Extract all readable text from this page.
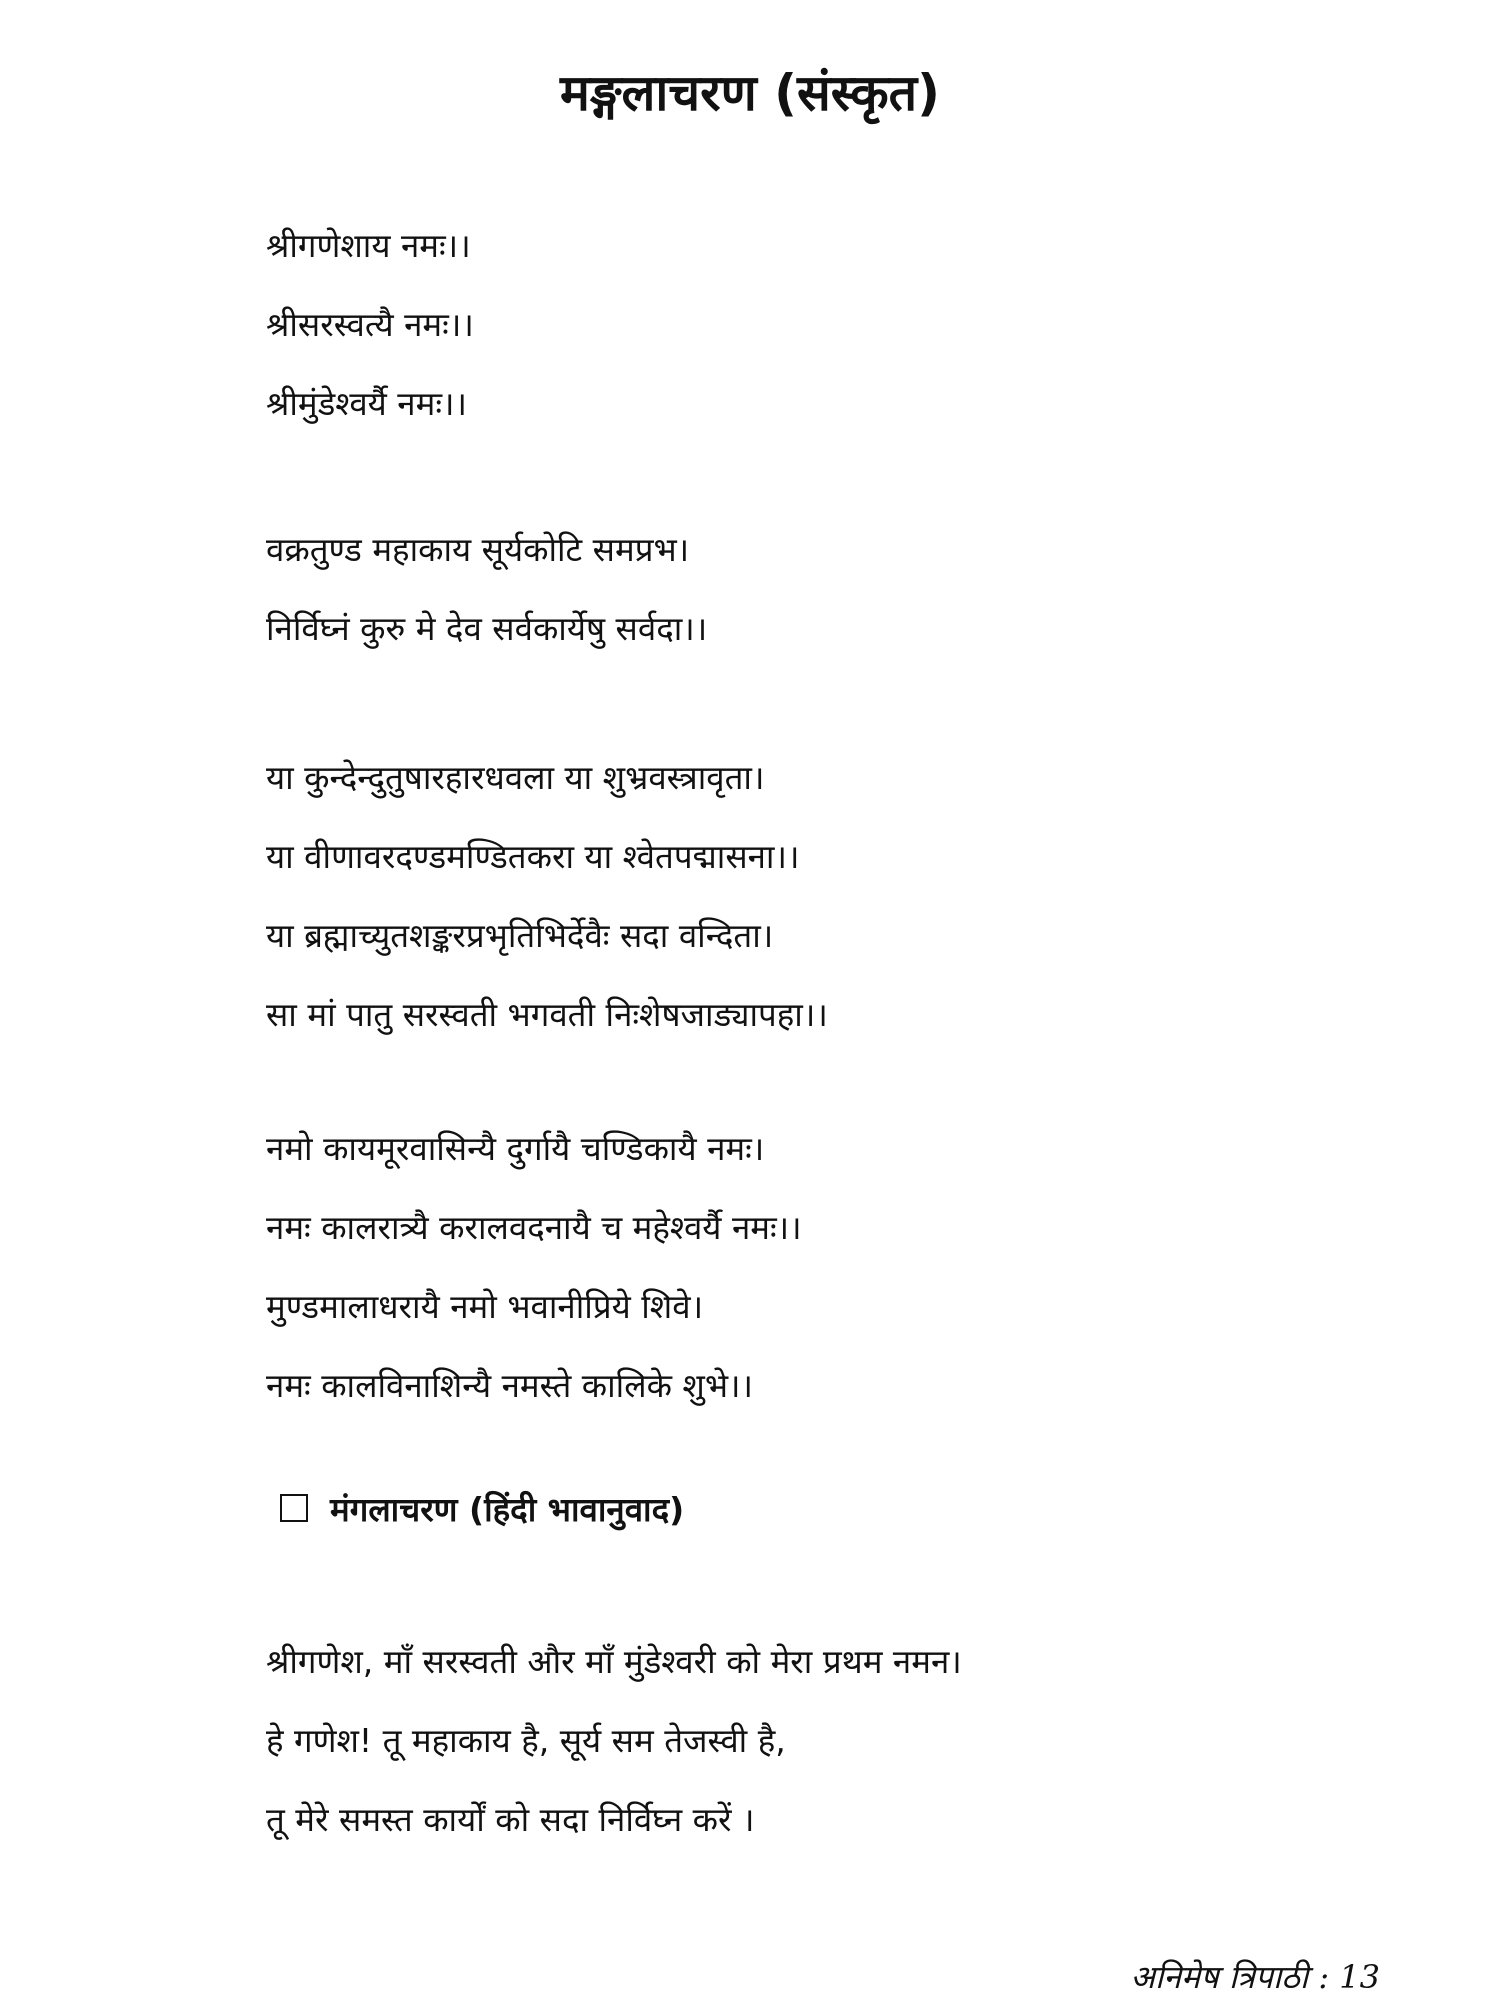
मङ्गलाचरण (संस्कृत)
श्रीगणेशाय नमः।।
श्रीसरस्वत्यै नमः।।
श्रीमुंडेश्वर्यै नमः।।
वक्रतुण्ड महाकाय सूर्यकोटि समप्रभ।
निर्विघ्नं कुरु मे देव सर्वकार्येषु सर्वदा।।
या कुन्देन्दुतुषारहारधवला या शुभ्रवस्त्रावृता।
या वीणावरदण्डमण्डितकरा या श्वेतपद्मासना।।
या ब्रह्माच्युतशङ्करप्रभृतिभिर्देवैः सदा वन्दिता।
सा मां पातु सरस्वती भगवती निःशेषजाड्यापहा।।
नमो कायमूरवासिन्यै दुर्गायै चण्डिकायै नमः।
नमः कालरात्र्यै करालवदनायै च महेश्वर्यै नमः।।
मुण्डमालाधरायै नमो भवानीप्रिये शिवे।
नमः कालविनाशिन्यै नमस्ते कालिके शुभे।।
मंगलाचरण (हिंदी भावानुवाद)
श्रीगणेश, माँ सरस्वती और माँ मुंडेश्वरी को मेरा प्रथम नमन।
हे गणेश! तू महाकाय है, सूर्य सम तेजस्वी है,
तू मेरे समस्त कार्यों को सदा निर्विघ्न करें ।
अनिमेष त्रिपाठी : 13
